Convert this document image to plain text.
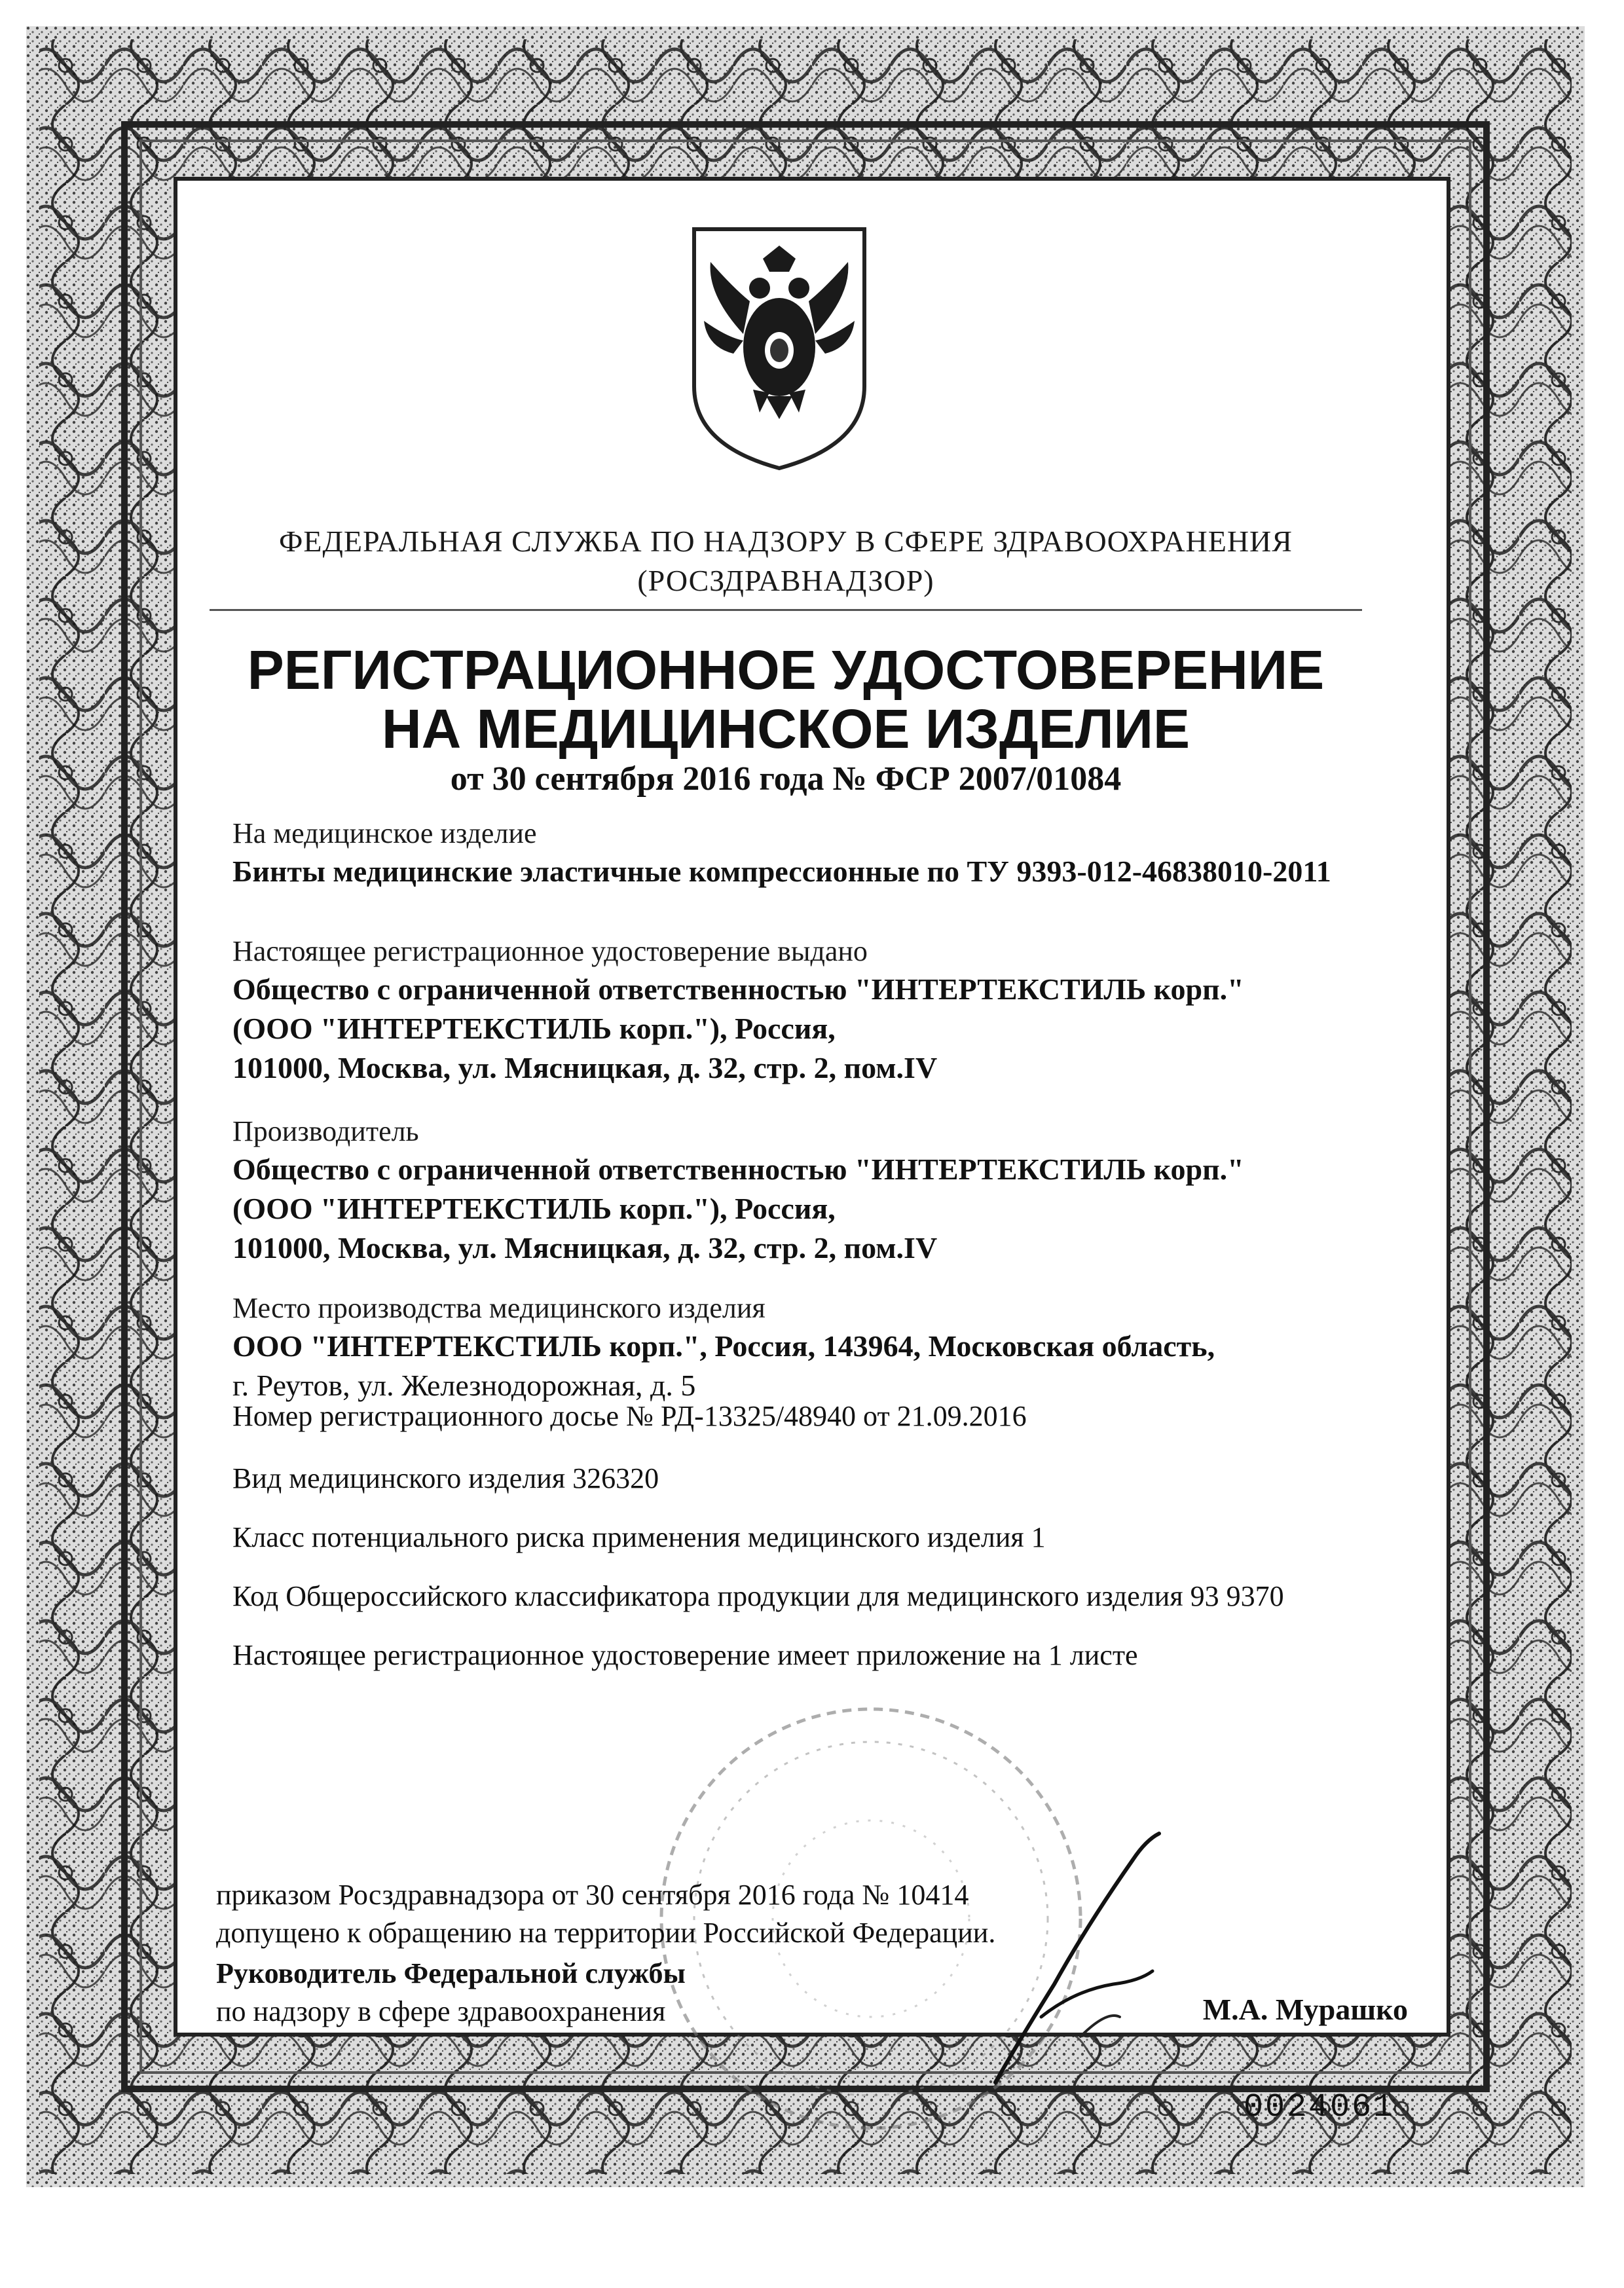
ФЕДЕРАЛЬНАЯ СЛУЖБА ПО НАДЗОРУ В СФЕРЕ ЗДРАВООХРАНЕНИЯ
(РОСЗДРАВНАДЗОР)
РЕГИСТРАЦИОННОЕ УДОСТОВЕРЕНИЕ
НА МЕДИЦИНСКОЕ ИЗДЕЛИЕ
от 30 сентября 2016 года № ФСР 2007/01084
На медицинское изделие
Бинты медицинские эластичные компрессионные по ТУ 9393-012-46838010-2011
Настоящее регистрационное удостоверение выдано
Общество с ограниченной ответственностью "ИНТЕРТЕКСТИЛЬ корп."
(ООО "ИНТЕРТЕКСТИЛЬ корп."), Россия,
101000, Москва, ул. Мясницкая, д. 32, стр. 2, пом.IV
Производитель
Общество с ограниченной ответственностью "ИНТЕРТЕКСТИЛЬ корп."
(ООО "ИНТЕРТЕКСТИЛЬ корп."), Россия,
101000, Москва, ул. Мясницкая, д. 32, стр. 2, пом.IV
Место производства медицинского изделия
ООО "ИНТЕРТЕКСТИЛЬ корп.", Россия, 143964, Московская область,
г. Реутов, ул. Железнодорожная, д. 5
Номер регистрационного досье № РД-13325/48940 от 21.09.2016
Вид медицинского изделия 326320
Класс потенциального риска применения медицинского изделия 1
Код Общероссийского классификатора продукции для медицинского изделия 93 9370
Настоящее регистрационное удостоверение имеет приложение на 1 листе
приказом Росздравнадзора от 30 сентября 2016 года № 10414
допущено к обращению на территории Российской Федерации.
Руководитель Федеральной службы
по надзору в сфере здравоохранения	М.А. Мурашко
0024061
